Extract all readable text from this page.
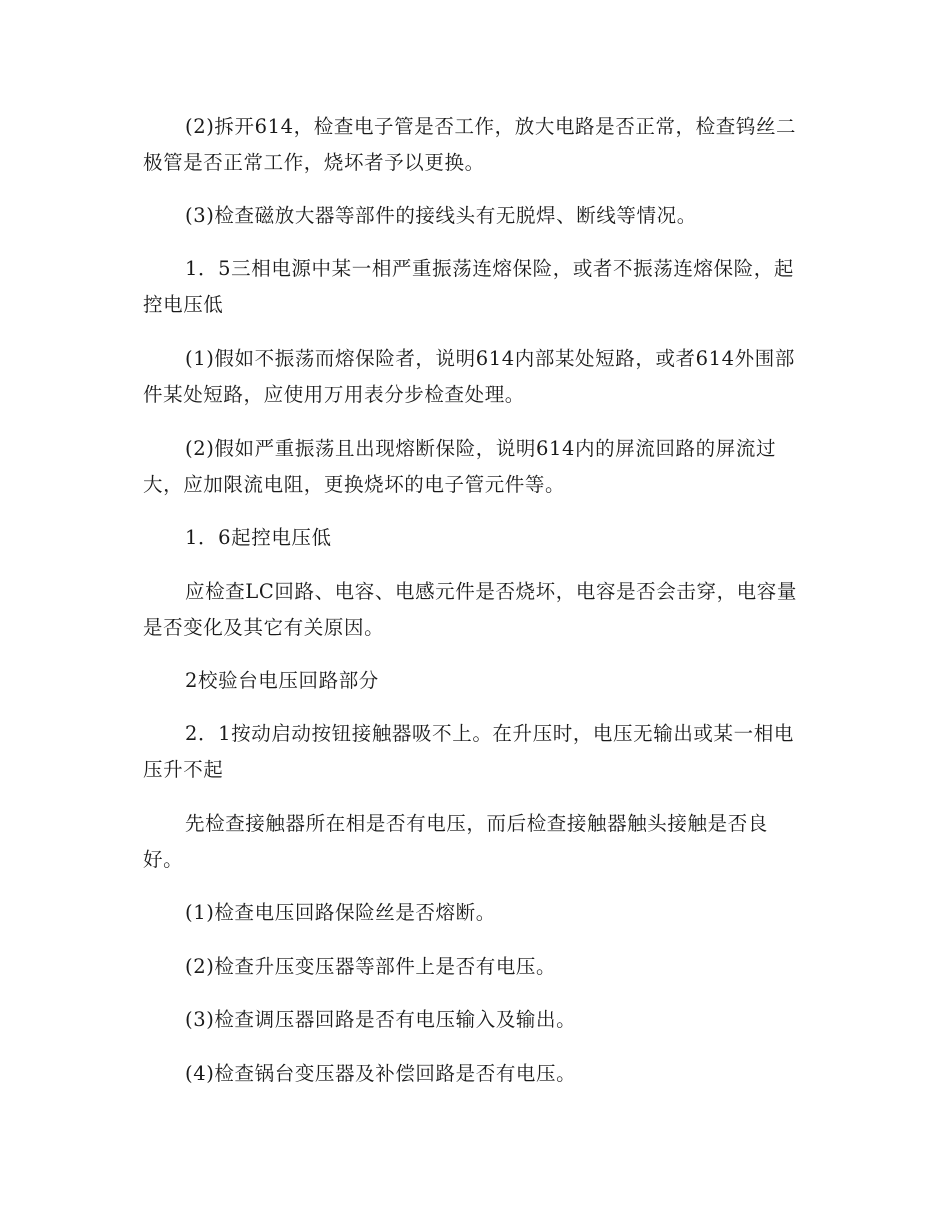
(2)拆开614，检查电子管是否工作，放大电路是否正常，检查钨丝二极管是否正常工作，烧坏者予以更换。

(3)检查磁放大器等部件的接线头有无脱焊、断线等情况。

1．5三相电源中某一相严重振荡连熔保险，或者不振荡连熔保险，起控电压低

(1)假如不振荡而熔保险者，说明614内部某处短路，或者614外围部件某处短路，应使用万用表分步检查处理。

(2)假如严重振荡且出现熔断保险，说明614内的屏流回路的屏流过大，应加限流电阻，更换烧坏的电子管元件等。

1．6起控电压低

应检查LC回路、电容、电感元件是否烧坏，电容是否会击穿，电容量是否变化及其它有关原因。

2校验台电压回路部分

2．1按动启动按钮接触器吸不上。在升压时，电压无输出或某一相电压升不起

先检查接触器所在相是否有电压，而后检查接触器触头接触是否良好。

(1)检查电压回路保险丝是否熔断。

(2)检查升压变压器等部件上是否有电压。

(3)检查调压器回路是否有电压输入及输出。

(4)检查锅台变压器及补偿回路是否有电压。
